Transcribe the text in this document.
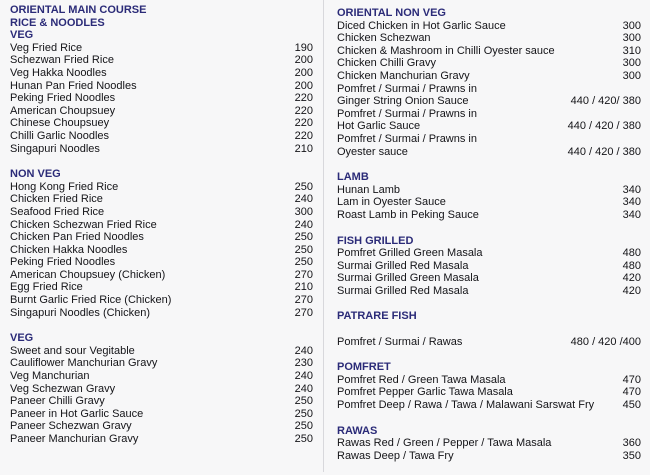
ORIENTAL MAIN COURSE
RICE & NOODLES
VEG
Veg Fried Rice	190
Schezwan Fried Rice	200
Veg Hakka Noodles	200
Hunan Pan Fried Noodles	200
Peking Fried Noodles	220
American Choupsuey	220
Chinese Choupsuey	220
Chilli Garlic Noodles	220
Singapuri Noodles	210
NON VEG
Hong Kong Fried Rice	250
Chicken Fried Rice	240
Seafood Fried Rice	300
Chicken Schezwan Fried Rice	240
Chicken Pan Fried Noodles	250
Chicken Hakka Noodles	250
Peking Fried Noodles	250
American Choupsuey (Chicken)	270
Egg Fried Rice	210
Burnt Garlic Fried Rice (Chicken)	270
Singapuri Noodles (Chicken)	270
VEG
Sweet and sour Vegitable	240
Cauliflower Manchurian Gravy	230
Veg Manchurian	240
Veg Schezwan Gravy	240
Paneer Chilli Gravy	250
Paneer in Hot Garlic Sauce	250
Paneer Schezwan Gravy	250
Paneer Manchurian Gravy	250
ORIENTAL NON VEG
Diced Chicken in Hot Garlic Sauce	300
Chicken Schezwan	300
Chicken & Mashroom in Chilli Oyester sauce	310
Chicken Chilli Gravy	300
Chicken Manchurian Gravy	300
Pomfret / Surmai / Prawns in
Ginger String Onion Sauce	440 / 420/ 380
Pomfret / Surmai / Prawns in
Hot Garlic Sauce	440 / 420 / 380
Pomfret / Surmai / Prawns in
Oyester sauce	440 / 420 / 380
LAMB
Hunan Lamb	340
Lam in Oyester Sauce	340
Roast Lamb in Peking Sauce	340
FISH GRILLED
Pomfret Grilled Green Masala	480
Surmai Grilled Red Masala	480
Surmai Grilled Green Masala	420
Surmai Grilled Red Masala	420
PATRARE FISH
Pomfret / Surmai / Rawas	480 / 420 /400
POMFRET
Pomfret Red / Green Tawa Masala	470
Pomfret Pepper Garlic Tawa Masala	470
Pomfret Deep / Rawa / Tawa / Malawani Sarswat Fry	450
RAWAS
Rawas Red / Green / Pepper / Tawa Masala	360
Rawas Deep / Tawa Fry	350
